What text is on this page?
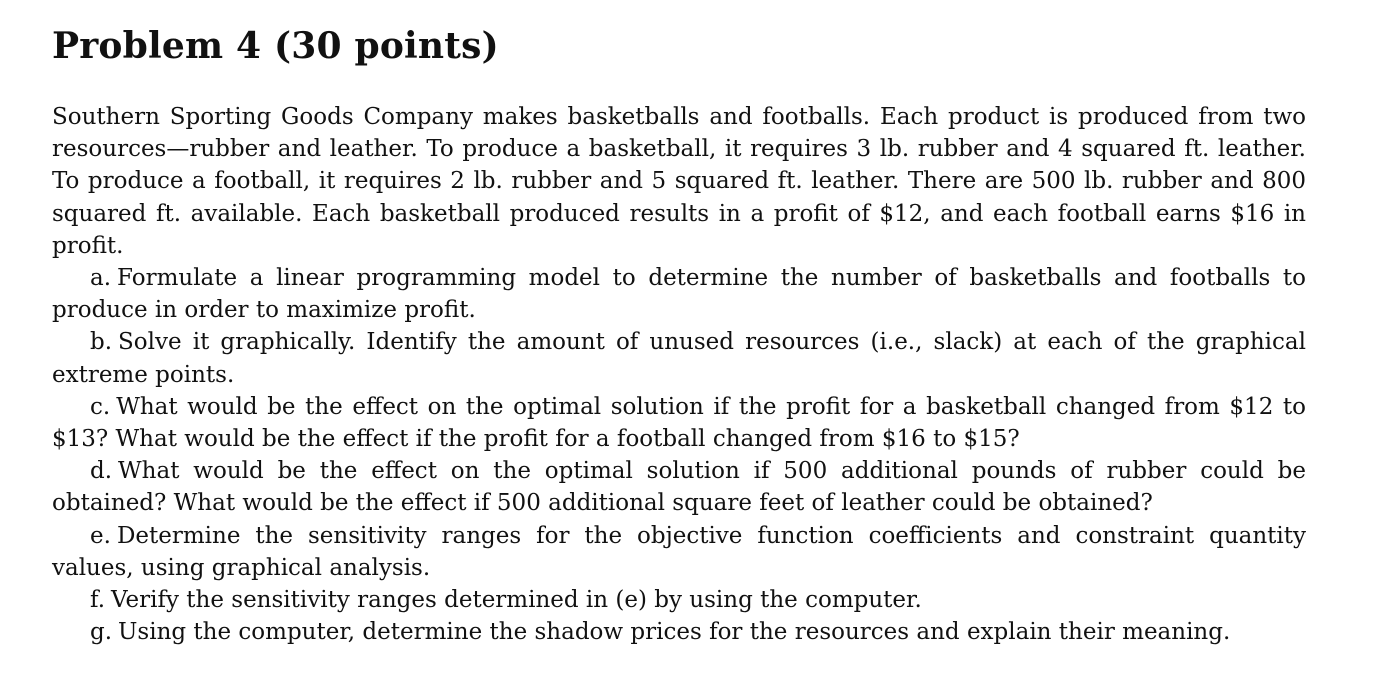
Problem 4 (30 points)

Southern Sporting Goods Company makes basketballs and footballs. Each product is produced from two resources—rubber and leather. To produce a basketball, it requires 3 lb. rubber and 4 squared ft. leather. To produce a football, it requires 2 lb. rubber and 5 squared ft. leather. There are 500 lb. rubber and 800 squared ft. available. Each basketball produced results in a profit of $12, and each football earns $16 in profit.

a. Formulate a linear programming model to determine the number of basketballs and footballs to produce in order to maximize profit.

b. Solve it graphically. Identify the amount of unused resources (i.e., slack) at each of the graphical extreme points.

c. What would be the effect on the optimal solution if the profit for a basketball changed from $12 to $13? What would be the effect if the profit for a football changed from $16 to $15?

d. What would be the effect on the optimal solution if 500 additional pounds of rubber could be obtained? What would be the effect if 500 additional square feet of leather could be obtained?

e. Determine the sensitivity ranges for the objective function coefficients and constraint quantity values, using graphical analysis.

f. Verify the sensitivity ranges determined in (e) by using the computer.

g. Using the computer, determine the shadow prices for the resources and explain their meaning.
